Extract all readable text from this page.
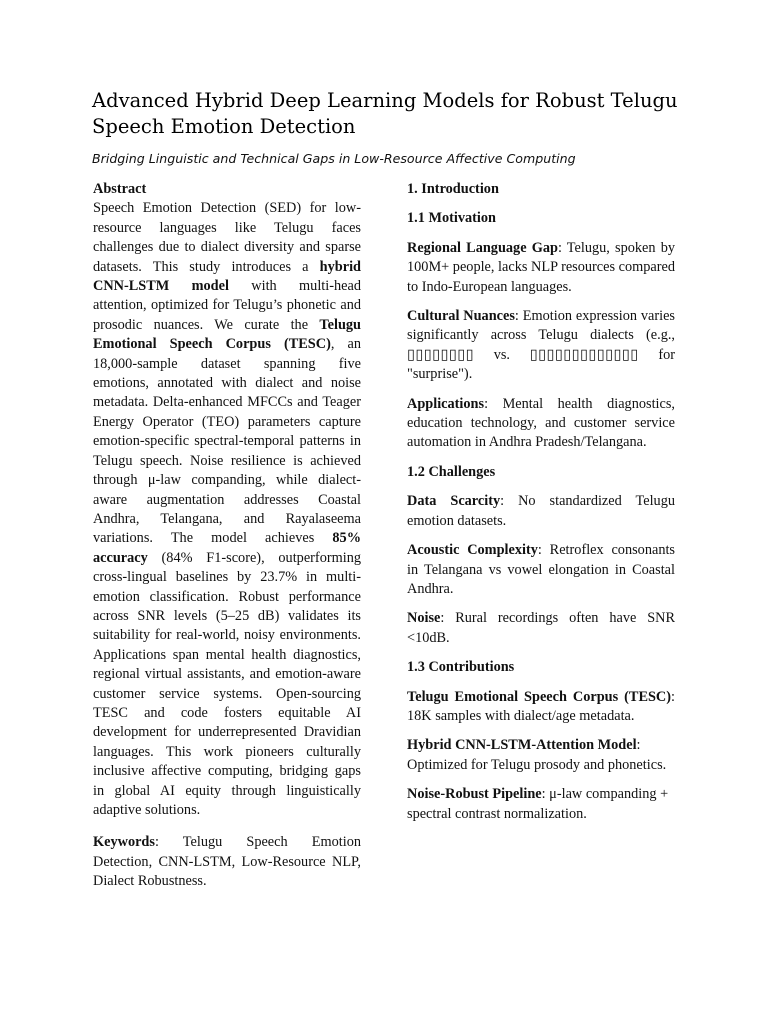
Advanced Hybrid Deep Learning Models for Robust Telugu Speech Emotion Detection

Bridging Linguistic and Technical Gaps in Low-Resource Affective Computing

Abstract

Speech Emotion Detection (SED) for low-resource languages like Telugu faces challenges due to dialect diversity and sparse datasets. This study introduces a hybrid CNN-LSTM model with multi-head attention, optimized for Telugu’s phonetic and prosodic nuances. We curate the Telugu Emotional Speech Corpus (TESC), an 18,000-sample dataset spanning five emotions, annotated with dialect and noise metadata. Delta-enhanced MFCCs and Teager Energy Operator (TEO) parameters capture emotion-specific spectral-temporal patterns in Telugu speech. Noise resilience is achieved through μ-law companding, while dialect-aware augmentation addresses Coastal Andhra, Telangana, and Rayalaseema variations. The model achieves 85% accuracy (84% F1-score), outperforming cross-lingual baselines by 23.7% in multi-emotion classification. Robust performance across SNR levels (5–25 dB) validates its suitability for real-world, noisy environments. Applications span mental health diagnostics, regional virtual assistants, and emotion-aware customer service systems. Open-sourcing TESC and code fosters equitable AI development for underrepresented Dravidian languages. This work pioneers culturally inclusive affective computing, bridging gaps in global AI equity through linguistically adaptive solutions.

Keywords: Telugu Speech Emotion Detection, CNN-LSTM, Low-Resource NLP, Dialect Robustness.

1. Introduction

1.1 Motivation

Regional Language Gap: Telugu, spoken by 100M+ people, lacks NLP resources compared to Indo-European languages.

Cultural Nuances: Emotion expression varies significantly across Telugu dialects (e.g., ▯▯▯▯▯▯▯▯ vs. ▯▯▯▯▯▯▯▯▯▯▯▯▯ for "surprise").

Applications: Mental health diagnostics, education technology, and customer service automation in Andhra Pradesh/Telangana.

1.2 Challenges

Data Scarcity: No standardized Telugu emotion datasets.

Acoustic Complexity: Retroflex consonants in Telangana vs vowel elongation in Coastal Andhra.

Noise: Rural recordings often have SNR <10dB.

1.3 Contributions

Telugu Emotional Speech Corpus (TESC): 18K samples with dialect/age metadata.

Hybrid CNN-LSTM-Attention Model: Optimized for Telugu prosody and phonetics.

Noise-Robust Pipeline: μ-law companding + spectral contrast normalization.
